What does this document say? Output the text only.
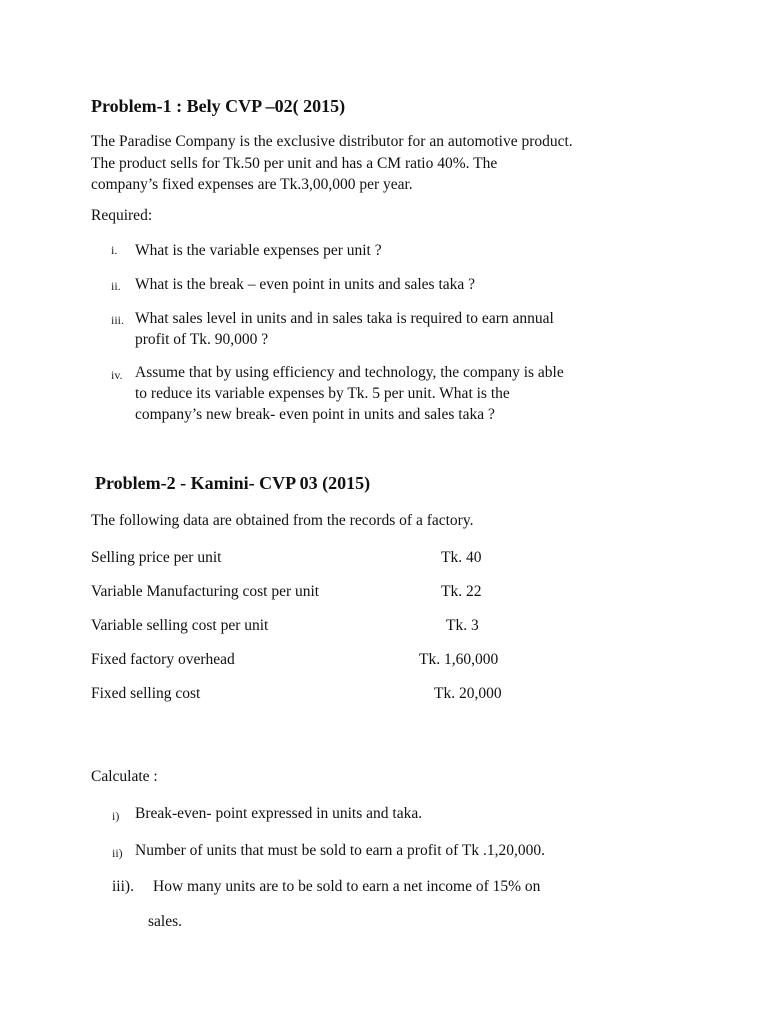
Problem-1 : Bely CVP –02( 2015)
The Paradise Company is the exclusive distributor for an automotive product.
The product sells for Tk.50 per unit and has a CM ratio 40%. The
company’s fixed expenses are Tk.3,00,000 per year.
Required:
i. What is the variable expenses per unit ?
ii. What is the break – even point in units and sales taka ?
iii. What sales level in units and in sales taka is required to earn annual
profit of Tk. 90,000 ?
iv. Assume that by using efficiency and technology, the company is able
to reduce its variable expenses by Tk. 5 per unit. What is the
company’s new break- even point in units and sales taka ?
Problem-2 - Kamini- CVP 03 (2015)
The following data are obtained from the records of a factory.
Selling price per unit	Tk. 40
Variable Manufacturing cost per unit	Tk. 22
Variable selling cost per unit	Tk. 3
Fixed factory overhead	Tk. 1,60,000
Fixed selling cost	Tk. 20,000
Calculate :
i) Break-even- point expressed in units and taka.
ii) Number of units that must be sold to earn a profit of Tk .1,20,000.
iii). How many units are to be sold to earn a net income of 15% on
sales.
